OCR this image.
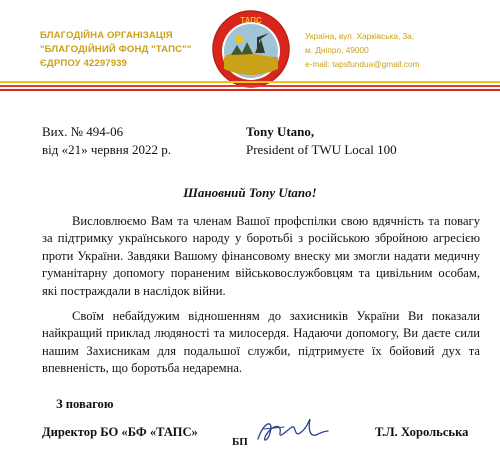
БЛАГОДІЙНА ОРГАНІЗАЦІЯ
"БЛАГОДІЙНИЙ ФОНД "ТАПС""
ЄДРПОУ 42297939
ТАПС
Україна, вул. Харківська, 3а,
м. Дніпро, 49000
e-mail: tapsfundua@gmail.com
Вих. № 494-06
від «21» червня 2022 р.
Tony Utano,
President of TWU Local 100
Шановний Tony Utano!
Висловлюємо Вам та членам Вашої профспілки свою вдячність та повагу за підтримку українського народу у боротьбі з російською збройною агресією проти України. Завдяки Вашому фінансовому внеску ми змогли надати медичну гуманітарну допомогу пораненим військовослужбовцям та цивільним особам, які постраждали в наслідок війни.
Своїм небайдужим відношенням до захисників України Ви показали найкращий приклад людяності та милосердя. Надаючи допомогу, Ви даєте сили нашим Захисникам для подальшої служби, підтримуєте їх бойовий дух та впевненість, що боротьба недаремна.
З повагою
Директор БО «БФ «ТАПС»
БП
Т.Л. Хорольська
